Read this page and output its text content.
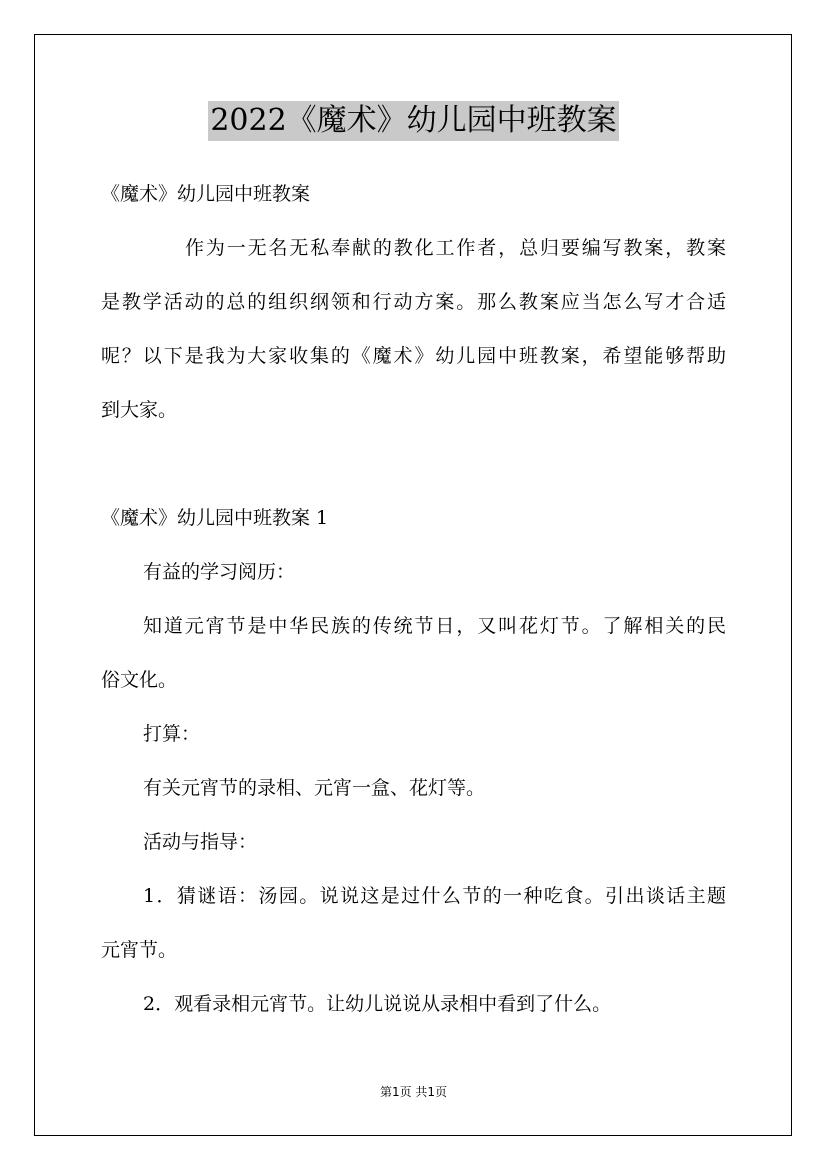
2022《魔术》幼儿园中班教案
《魔术》幼儿园中班教案
作为一无名无私奉献的教化工作者，总归要编写教案，教案
是教学活动的总的组织纲领和行动方案。那么教案应当怎么写才合适
呢？以下是我为大家收集的《魔术》幼儿园中班教案，希望能够帮助
到大家。
《魔术》幼儿园中班教案 1
有益的学习阅历：
知道元宵节是中华民族的传统节日，又叫花灯节。了解相关的民
俗文化。
打算：
有关元宵节的录相、元宵一盒、花灯等。
活动与指导：
1．猜谜语：汤园。说说这是过什么节的一种吃食。引出谈话主题
元宵节。
2．观看录相元宵节。让幼儿说说从录相中看到了什么。
第1页 共1页
